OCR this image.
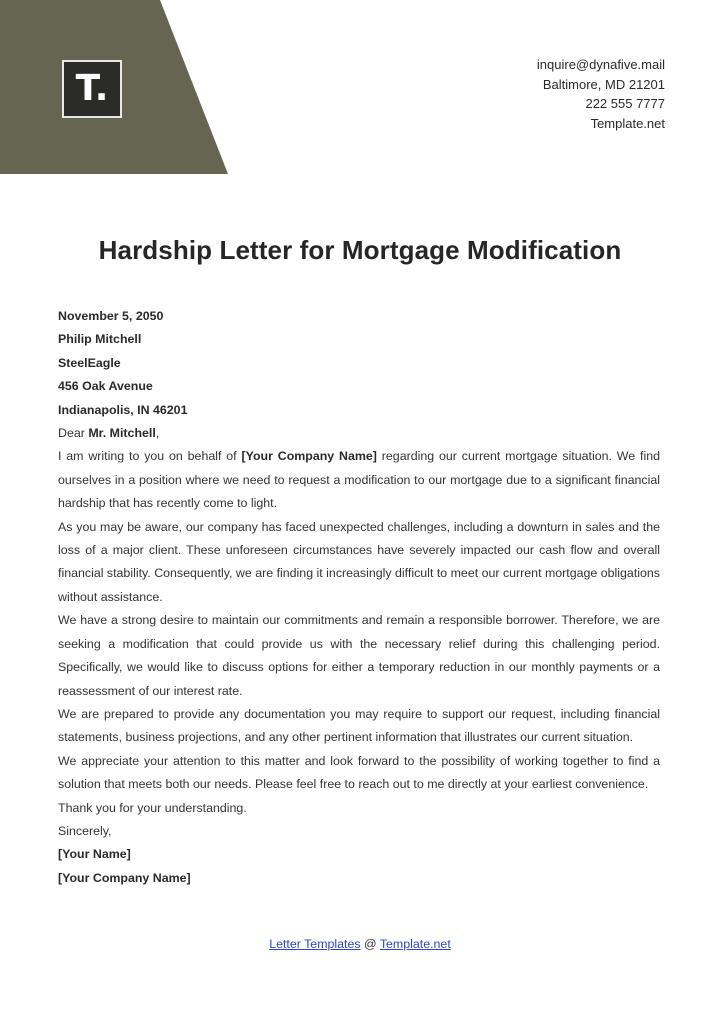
T.
inquire@dynafive.mail
Baltimore, MD 21201
222 555 7777
Template.net
Hardship Letter for Mortgage Modification

November 5, 2050

Philip Mitchell

SteelEagle

456 Oak Avenue

Indianapolis, IN 46201

Dear Mr. Mitchell,

I am writing to you on behalf of [Your Company Name] regarding our current mortgage situation. We find ourselves in a position where we need to request a modification to our mortgage due to a significant financial hardship that has recently come to light.

As you may be aware, our company has faced unexpected challenges, including a downturn in sales and the loss of a major client. These unforeseen circumstances have severely impacted our cash flow and overall financial stability. Consequently, we are finding it increasingly difficult to meet our current mortgage obligations without assistance.

We have a strong desire to maintain our commitments and remain a responsible borrower. Therefore, we are seeking a modification that could provide us with the necessary relief during this challenging period. Specifically, we would like to discuss options for either a temporary reduction in our monthly payments or a reassessment of our interest rate.

We are prepared to provide any documentation you may require to support our request, including financial statements, business projections, and any other pertinent information that illustrates our current situation.

We appreciate your attention to this matter and look forward to the possibility of working together to find a solution that meets both our needs. Please feel free to reach out to me directly at your earliest convenience.

Thank you for your understanding.

Sincerely,

[Your Name]

[Your Company Name]

Letter Templates @ Template.net
